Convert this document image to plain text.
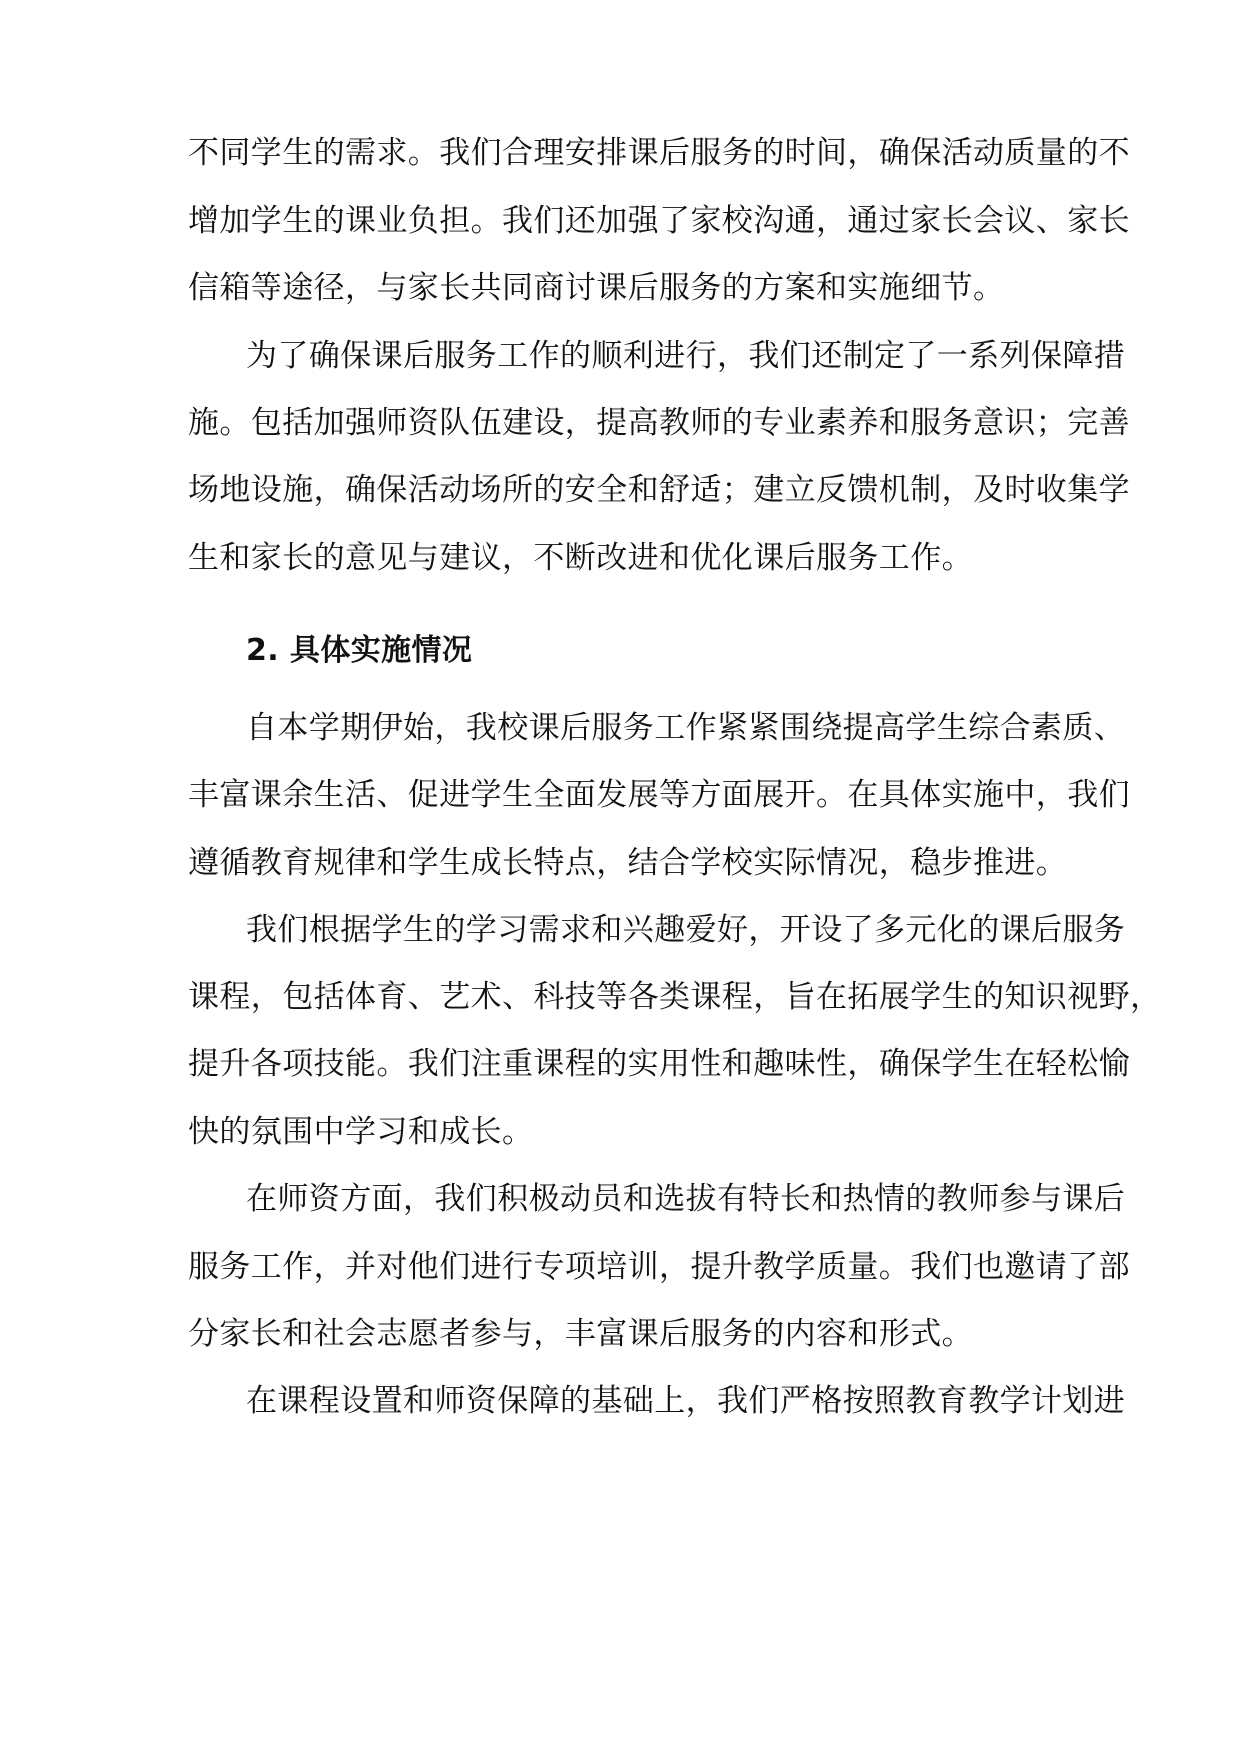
不同学生的需求。我们合理安排课后服务的时间，确保活动质量的不
增加学生的课业负担。我们还加强了家校沟通，通过家长会议、家长
信箱等途径，与家长共同商讨课后服务的方案和实施细节。
为了确保课后服务工作的顺利进行，我们还制定了一系列保障措
施。包括加强师资队伍建设，提高教师的专业素养和服务意识；完善
场地设施，确保活动场所的安全和舒适；建立反馈机制，及时收集学
生和家长的意见与建议，不断改进和优化课后服务工作。
2. 具体实施情况
自本学期伊始，我校课后服务工作紧紧围绕提高学生综合素质、
丰富课余生活、促进学生全面发展等方面展开。在具体实施中，我们
遵循教育规律和学生成长特点，结合学校实际情况，稳步推进。
我们根据学生的学习需求和兴趣爱好，开设了多元化的课后服务
课程，包括体育、艺术、科技等各类课程，旨在拓展学生的知识视野，
提升各项技能。我们注重课程的实用性和趣味性，确保学生在轻松愉
快的氛围中学习和成长。
在师资方面，我们积极动员和选拔有特长和热情的教师参与课后
服务工作，并对他们进行专项培训，提升教学质量。我们也邀请了部
分家长和社会志愿者参与，丰富课后服务的内容和形式。
在课程设置和师资保障的基础上，我们严格按照教育教学计划进
